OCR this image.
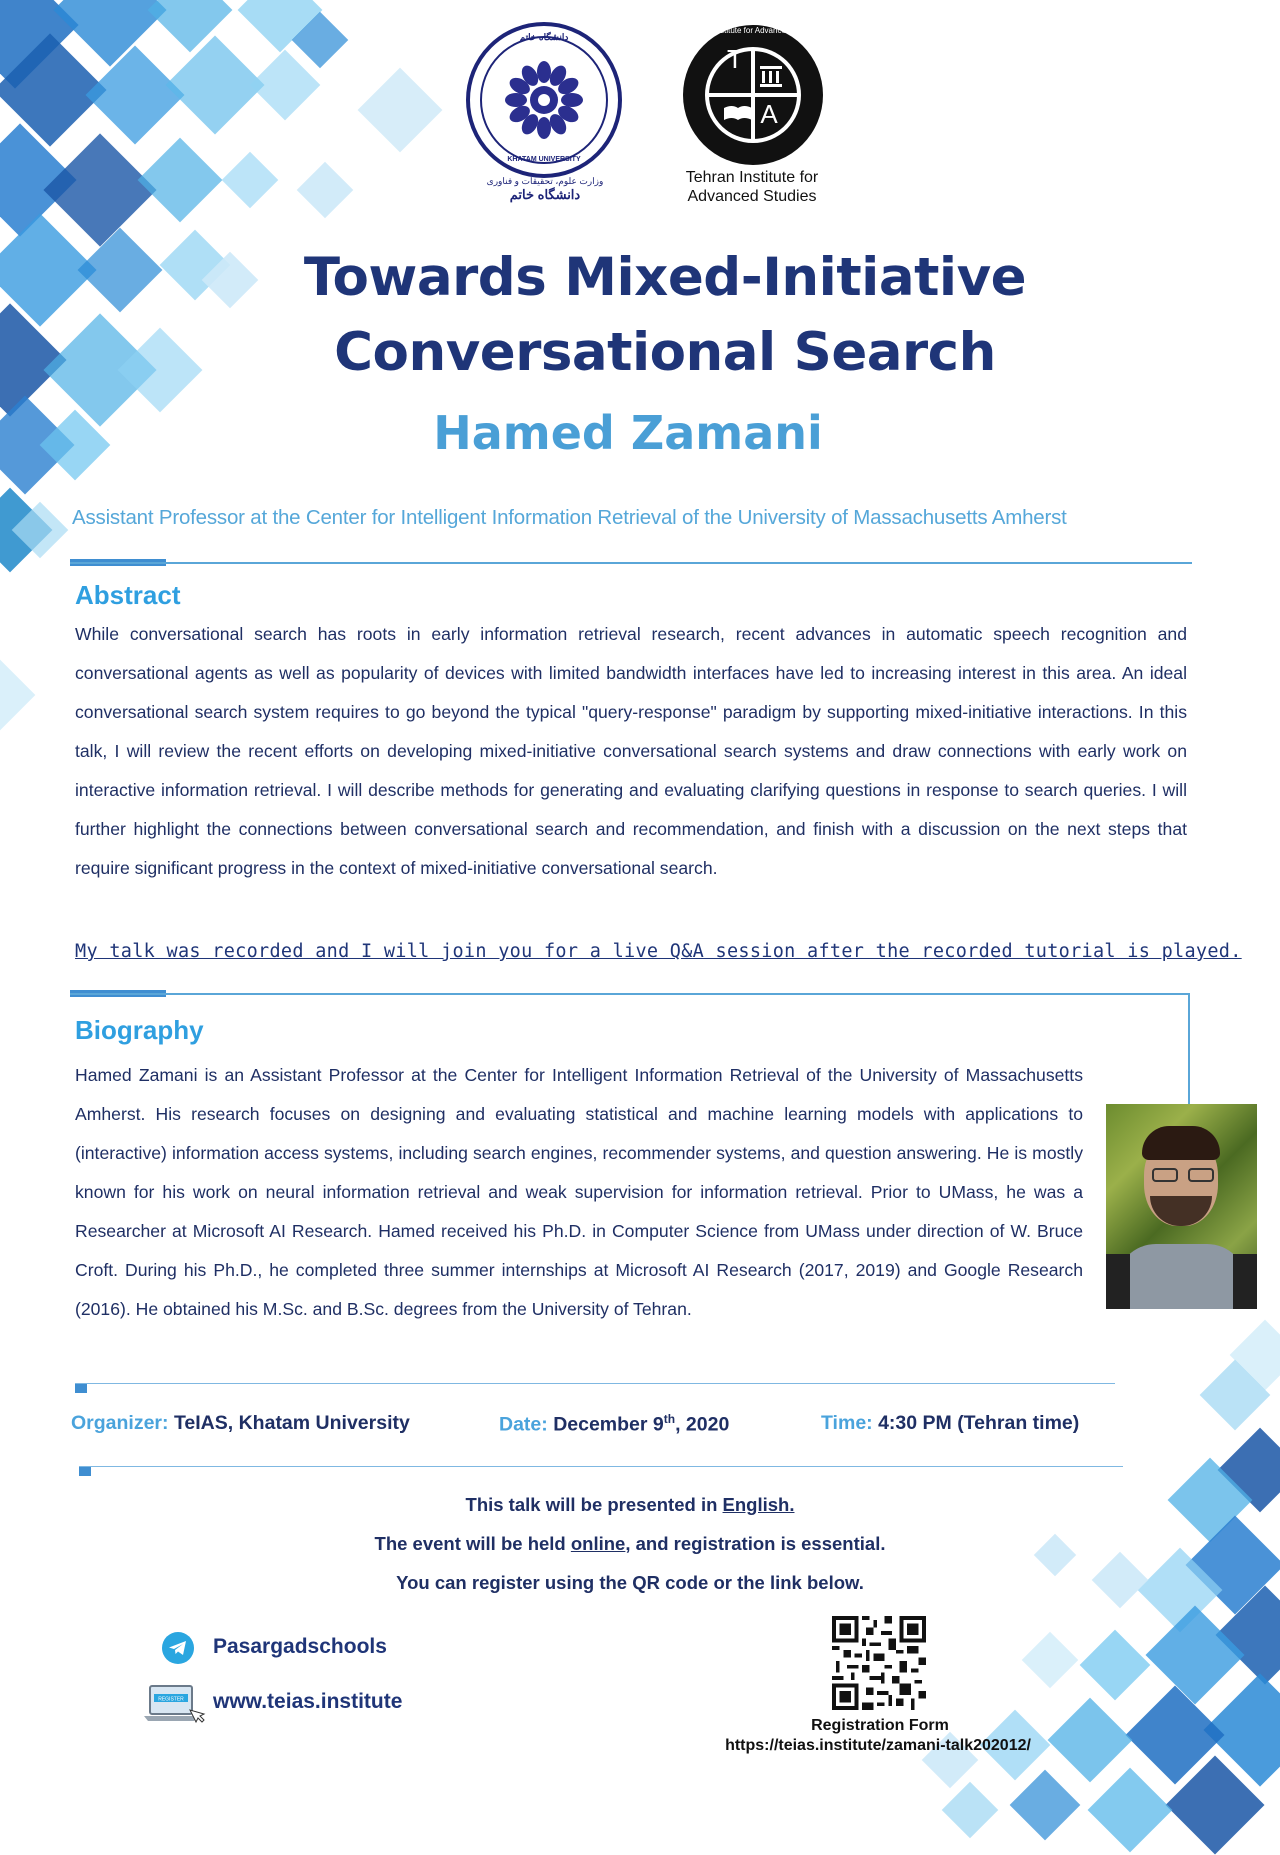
KHATAM UNIVERSITY
دانشگاه خاتم
وزارت علوم، تحقیقات و فناوری
دانشگاه خاتم
T
A
Tehran Institute for Advanced Studies
Tehran Institute for
Advanced Studies
Towards Mixed-Initiative
Conversational Search
Hamed Zamani
Assistant Professor at the Center for Intelligent Information Retrieval of the University of Massachusetts Amherst
Abstract
While conversational search has roots in early information retrieval research, recent advances in automatic speech recognition and conversational agents as well as popularity of devices with limited bandwidth interfaces have led to increasing interest in this area. An ideal conversational search system requires to go beyond the typical "query-response" paradigm by supporting mixed-initiative interactions. In this talk, I will review the recent efforts on developing mixed-initiative conversational search systems and draw connections with early work on interactive information retrieval. I will describe methods for generating and evaluating clarifying questions in response to search queries. I will further highlight the connections between conversational search and recommendation, and finish with a discussion on the next steps that require significant progress in the context of mixed-initiative conversational search.
My talk was recorded and I will join you for a live Q&A session after the recorded tutorial is played.
Biography
Hamed Zamani is an Assistant Professor at the Center for Intelligent Information Retrieval of the University of Massachusetts Amherst. His research focuses on designing and evaluating statistical and machine learning models with applications to (interactive) information access systems, including search engines, recommender systems, and question answering. He is mostly known for his work on neural information retrieval and weak supervision for information retrieval. Prior to UMass, he was a Researcher at Microsoft AI Research. Hamed received his Ph.D. in Computer Science from UMass under direction of W. Bruce Croft. During his Ph.D., he completed three summer internships at Microsoft AI Research (2017, 2019) and Google Research (2016). He obtained his M.Sc. and B.Sc. degrees from the University of Tehran.
Organizer: TeIAS, Khatam University	Date: December 9th, 2020	Time: 4:30 PM (Tehran time)
This talk will be presented in English.
The event will be held online, and registration is essential.
You can register using the QR code or the link below.
Pasargadschools
REGISTER www.teias.institute
Registration Form
https://teias.institute/zamani-talk202012/
